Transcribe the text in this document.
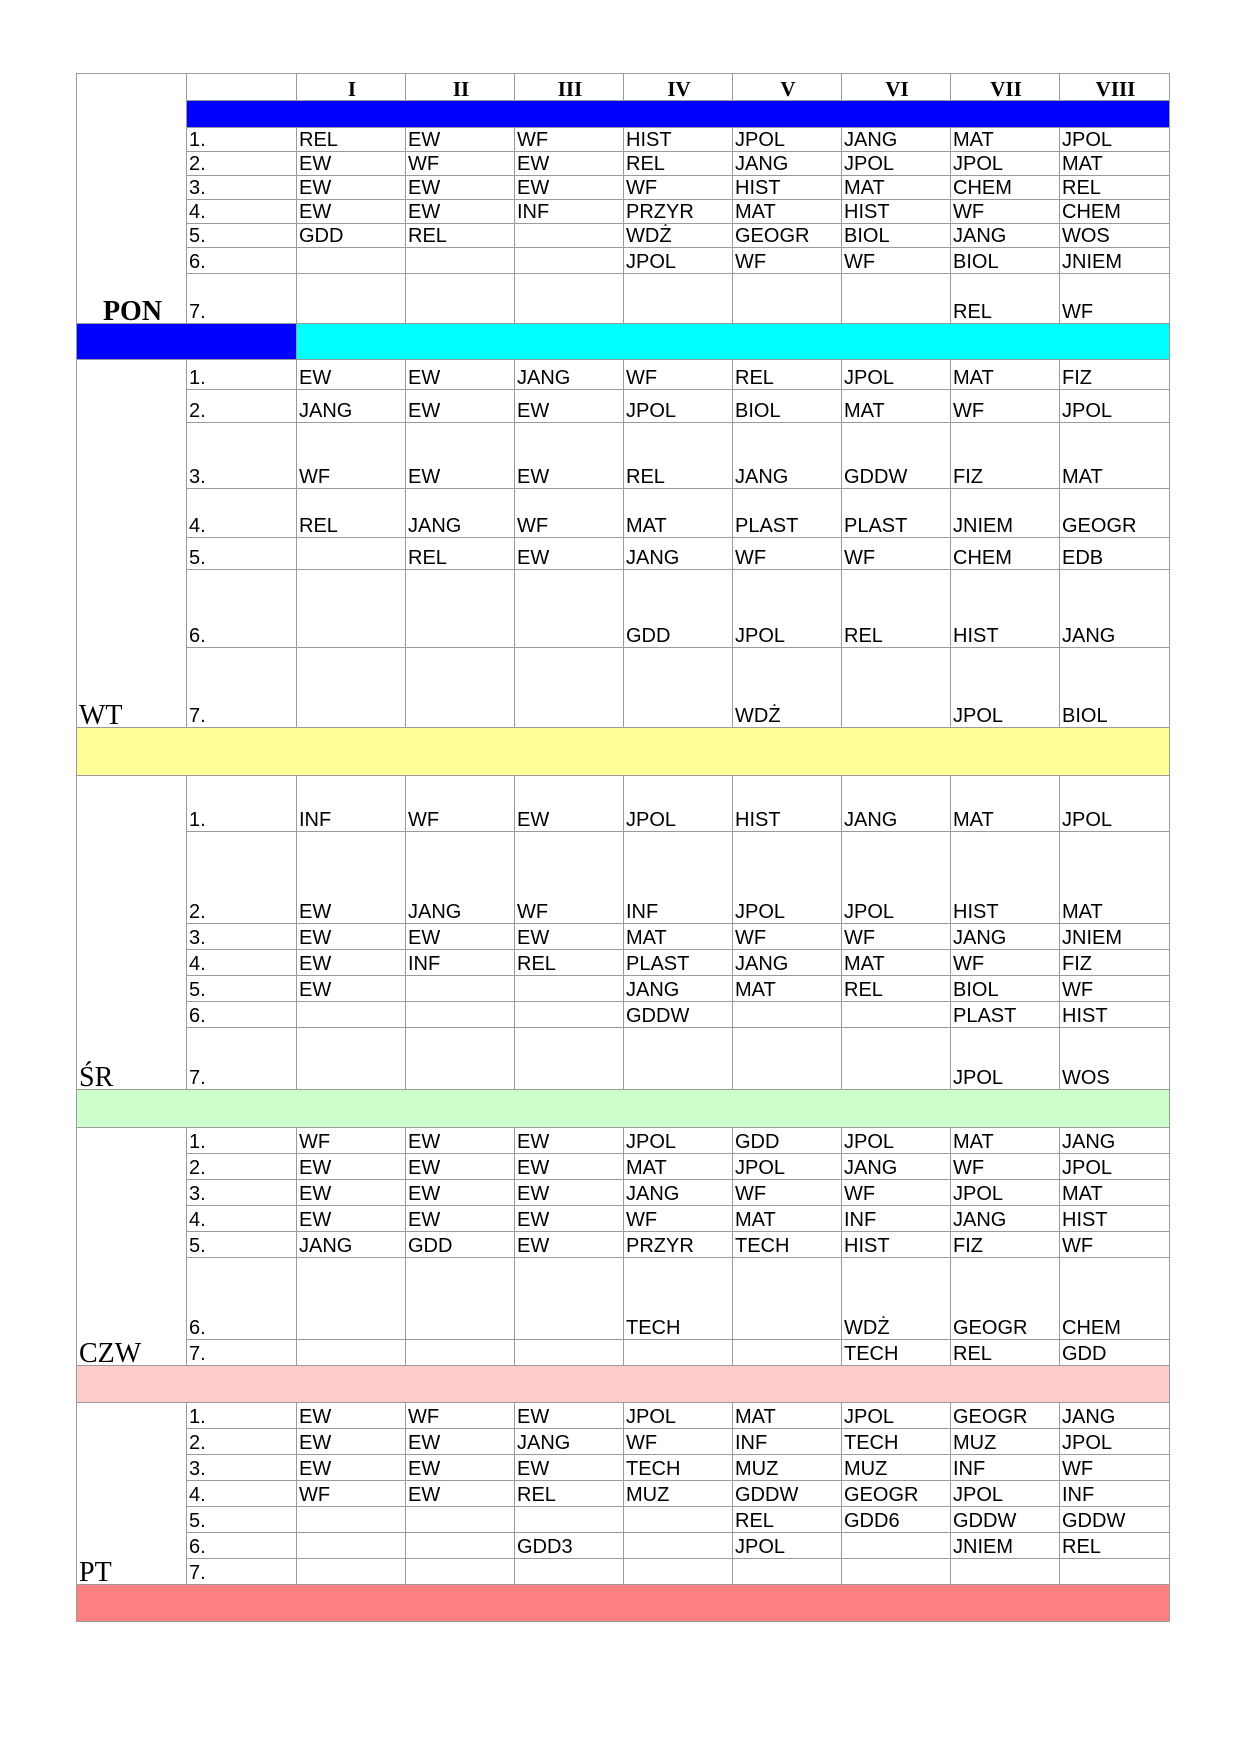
PON		I	II	III	IV	V	VI	VII	VIII

	1.	REL	EW	WF	HIST	JPOL	JANG	MAT	JPOL
	2.	EW	WF	EW	REL	JANG	JPOL	JPOL	MAT
	3.	EW	EW	EW	WF	HIST	MAT	CHEM	REL
	4.	EW	EW	INF	PRZYR	MAT	HIST	WF	CHEM
	5.	GDD	REL		WDŻ	GEOGR	BIOL	JANG	WOS
	6.				JPOL	WF	WF	BIOL	JNIEM
	7.							REL	WF

WT	1.	EW	EW	JANG	WF	REL	JPOL	MAT	FIZ
	2.	JANG	EW	EW	JPOL	BIOL	MAT	WF	JPOL
	3.	WF	EW	EW	REL	JANG	GDDW	FIZ	MAT
	4.	REL	JANG	WF	MAT	PLAST	PLAST	JNIEM	GEOGR
	5.		REL	EW	JANG	WF	WF	CHEM	EDB
	6.				GDD	JPOL	REL	HIST	JANG
	7.					WDŻ		JPOL	BIOL

ŚR	1.	INF	WF	EW	JPOL	HIST	JANG	MAT	JPOL
	2.	EW	JANG	WF	INF	JPOL	JPOL	HIST	MAT
	3.	EW	EW	EW	MAT	WF	WF	JANG	JNIEM
	4.	EW	INF	REL	PLAST	JANG	MAT	WF	FIZ
	5.	EW			JANG	MAT	REL	BIOL	WF
	6.				GDDW			PLAST	HIST
	7.							JPOL	WOS

CZW	1.	WF	EW	EW	JPOL	GDD	JPOL	MAT	JANG
	2.	EW	EW	EW	MAT	JPOL	JANG	WF	JPOL
	3.	EW	EW	EW	JANG	WF	WF	JPOL	MAT
	4.	EW	EW	EW	WF	MAT	INF	JANG	HIST
	5.	JANG	GDD	EW	PRZYR	TECH	HIST	FIZ	WF
	6.				TECH		WDŻ	GEOGR	CHEM
	7.						TECH	REL	GDD

PT	1.	EW	WF	EW	JPOL	MAT	JPOL	GEOGR	JANG
	2.	EW	EW	JANG	WF	INF	TECH	MUZ	JPOL
	3.	EW	EW	EW	TECH	MUZ	MUZ	INF	WF
	4.	WF	EW	REL	MUZ	GDDW	GEOGR	JPOL	INF
	5.					REL	GDD6	GDDW	GDDW
	6.			GDD3		JPOL		JNIEM	REL
	7.								
